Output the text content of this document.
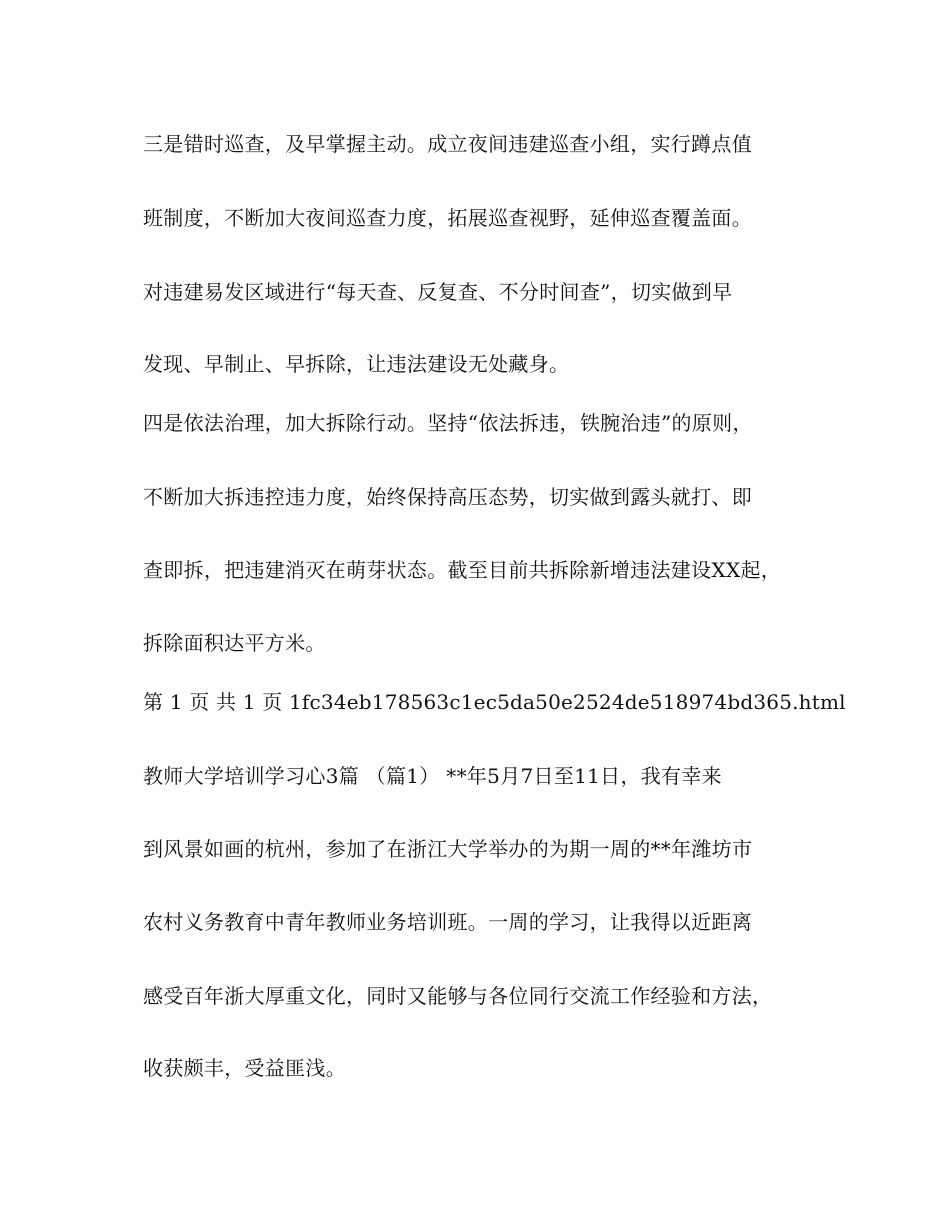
三是错时巡查，及早掌握主动。成立夜间违建巡查小组，实行蹲点值
班制度，不断加大夜间巡查力度，拓展巡查视野，延伸巡查覆盖面。
对违建易发区域进行“每天查、反复查、不分时间查”，切实做到早
发现、早制止、早拆除，让违法建设无处藏身。
四是依法治理，加大拆除行动。坚持“依法拆违，铁腕治违”的原则，
不断加大拆违控违力度，始终保持高压态势，切实做到露头就打、即
查即拆，把违建消灭在萌芽状态。截至目前共拆除新增违法建设XX起，
拆除面积达平方米。
第 1 页 共 1 页 1fc34eb178563c1ec5da50e2524de518974bd365.html
教师大学培训学习心3篇 （篇1） **年5月7日至11日，我有幸来
到风景如画的杭州，参加了在浙江大学举办的为期一周的**年潍坊市
农村义务教育中青年教师业务培训班。一周的学习，让我得以近距离
感受百年浙大厚重文化，同时又能够与各位同行交流工作经验和方法，
收获颇丰，受益匪浅。
